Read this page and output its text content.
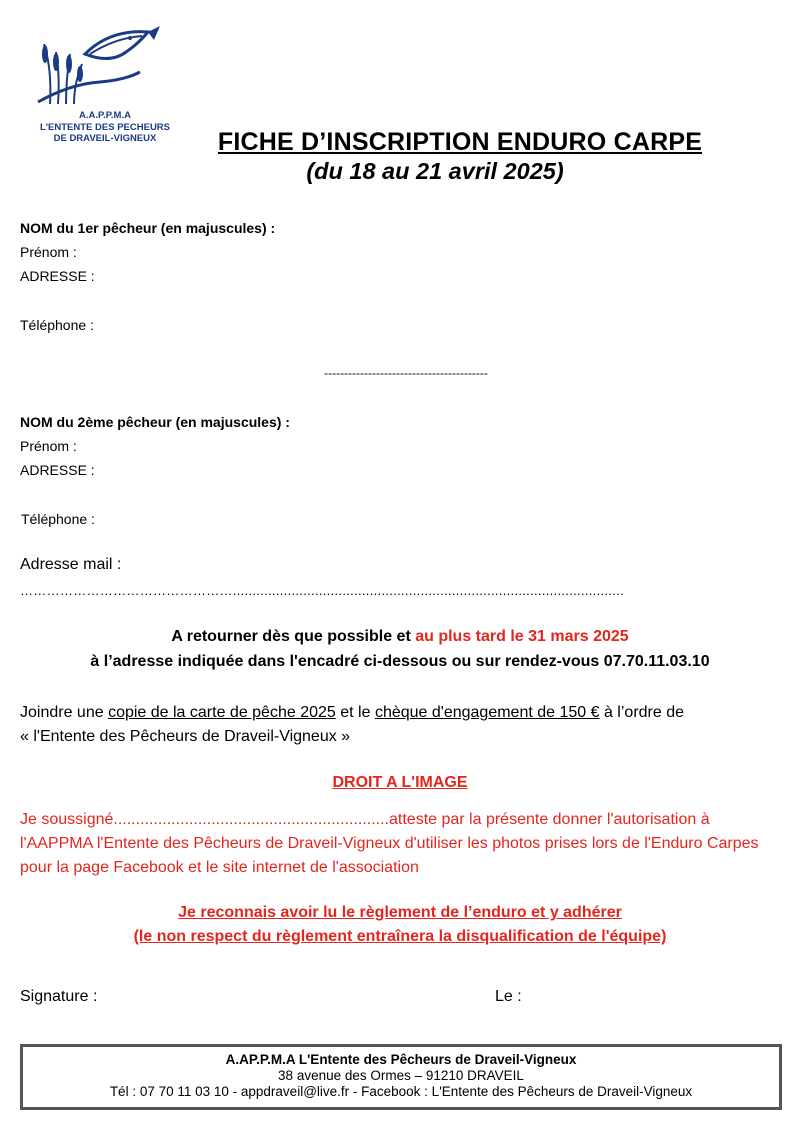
A.A.P.P.M.A
L'ENTENTE DES PECHEURS
DE DRAVEIL-VIGNEUX	FICHE D’INSCRIPTION ENDURO CARPE
(du 18 au 21 avril 2025)
NOM du 1er pêcheur (en majuscules) :
Prénom :
ADRESSE :
Téléphone :
-----------------------------------------
NOM du 2ème pêcheur (en majuscules) :
Prénom :
ADRESSE :
Téléphone :
Adresse mail :
…………………………………………....................................................................................................
A retourner dès que possible et au plus tard le 31 mars 2025
à l’adresse indiquée dans l'encadré ci-dessous ou sur rendez-vous 07.70.11.03.10
Joindre une copie de la carte de pêche 2025 et le chèque d'engagement de 150 € à l’ordre de
« l'Entente des Pêcheurs de Draveil-Vigneux »
DROIT A L'IMAGE
Je soussigné..............................................................atteste par la présente donner l'autorisation à l'AAPPMA l'Entente des Pêcheurs de Draveil-Vigneux d'utiliser les photos prises lors de l'Enduro Carpes pour la page Facebook et le site internet de l'association
Je reconnais avoir lu le règlement de l’enduro et y adhérer
(le non respect du règlement entraînera la disqualification de l'équipe)
Signature :	Le :
A.AP.P.M.A L'Entente des Pêcheurs de Draveil-Vigneux
38 avenue des Ormes – 91210 DRAVEIL
Tél : 07 70 11 03 10 - appdraveil@live.fr - Facebook : L'Entente des Pêcheurs de Draveil-Vigneux
